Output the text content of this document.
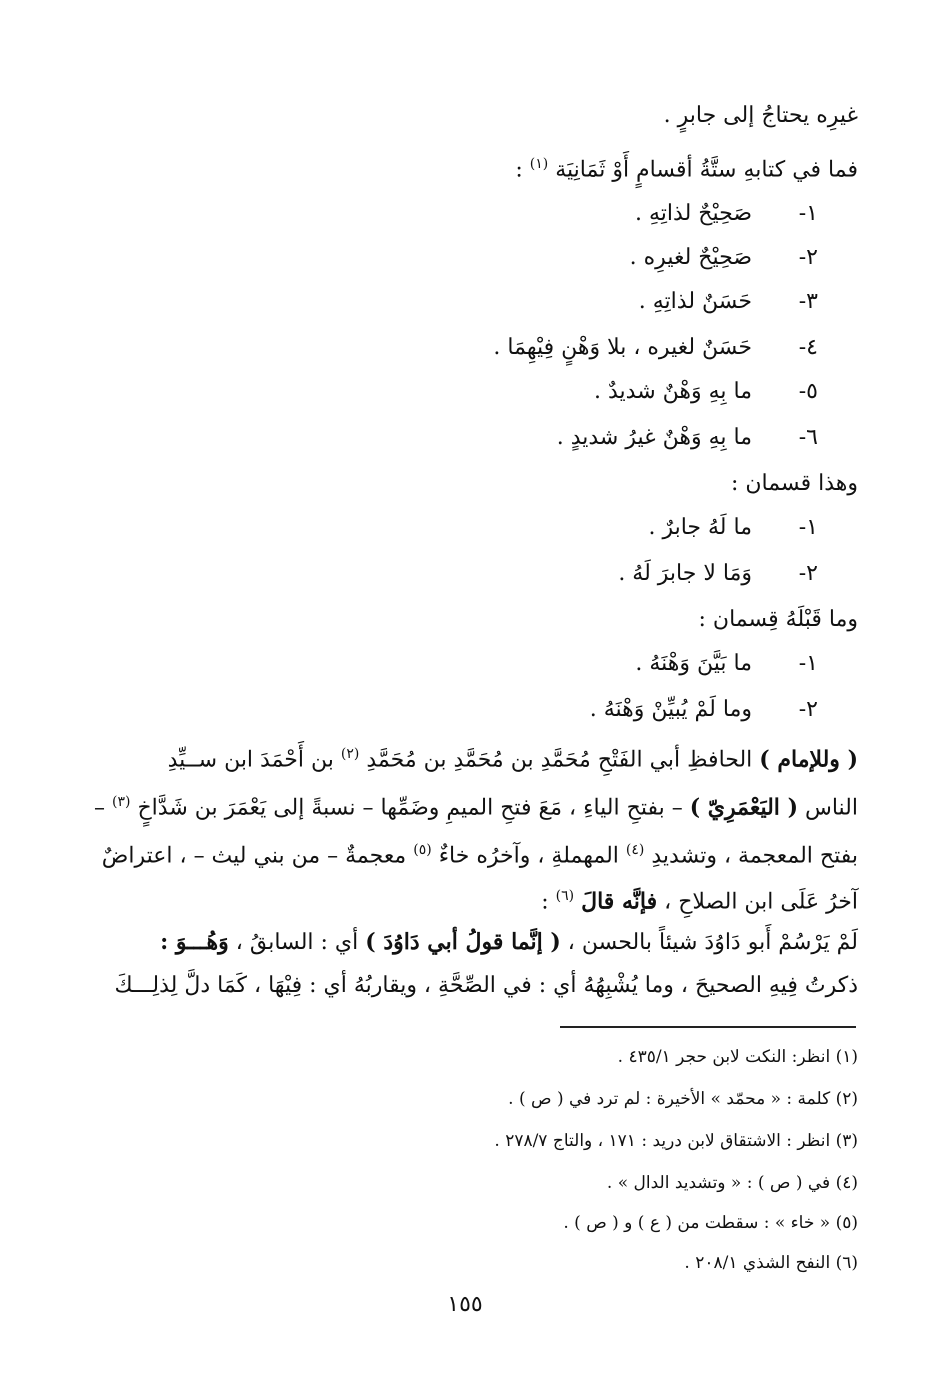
غيرِه يحتاجُ إلى جابرٍ .
فما في كتابهِ ستَّةُ أقسامٍ أَوْ ثَمَانِيَة $^{(١)}$ :
١-صَحِيْحٌ لذاتِهِ .
٢-صَحِيْحٌ لغيرِه .
٣-حَسَنٌ لذاتِهِ .
٤-حَسَنٌ لغيره ، بلا وَهْنٍ فِيْهِمَا .
٥-ما بِهِ وَهْنٌ شديدٌ .
٦-ما بِهِ وَهْنٌ غيرُ شديدٍ .
وهذا قسمان :
١-ما لَهُ جابرٌ .
٢-وَمَا لا جابرَ لَهُ .
وما قَبْلَهُ قِسمان :
١-ما بَيَّنَ وَهْنَهُ .
٢-وما لَمْ يُبيِّنْ وَهْنَهُ .
( وللإمام ) الحافظِ أبي الفَتْحِ مُحَمَّدِ بن مُحَمَّدِ بن مُحَمَّدِ $^{(٢)}$ بن أَحْمَدَ ابن ســيِّدِ
الناس ( اليَعْمَرِيّ ) – بفتحِ الياءِ ، مَعَ فتحِ الميمِ وضَمِّها – نسبةً إلى يَعْمَرَ بن شَدَّاخٍ $^{(٣)}$ –
بفتح المعجمة ، وتشديدِ $^{(٤)}$ المهملةِ ، وآخرُه خاءٌ $^{(٥)}$ معجمةٌ – من بني ليث – ، اعتراضٌ
آخرُ عَلَى ابن الصلاحِ ، فإنَّه قالَ $^{(٦)}$ :
لَمْ يَرْسُمْ أَبو دَاوُدَ شيئاً بالحسن ، ( إنَّما قولُ أبي دَاوُدَ ) أي : السابقُ ، وَهُـــوَ :
ذكرتُ فِيهِ الصحيحَ ، وما يُشْبِهُهُ أي : في الصِّحَّةِ ، ويقاربُهُ أي : فِيْهَا ، كَمَا دلَّ لِذلِـــكَ
(١) انظر: النكت لابن حجر ٤٣٥/١ .
(٢) كلمة : « محمّد » الأخيرة : لم ترد في ( ص ) .
(٣) انظر : الاشتقاق لابن دريد : ١٧١ ، والتاج ٢٧٨/٧ .
(٤) في ( ص ) : « وتشديد الدال » .
(٥) « خاء » : سقطت من ( ع ) و ( ص ) .
(٦) النفح الشذي ٢٠٨/١ .
١٥٥
